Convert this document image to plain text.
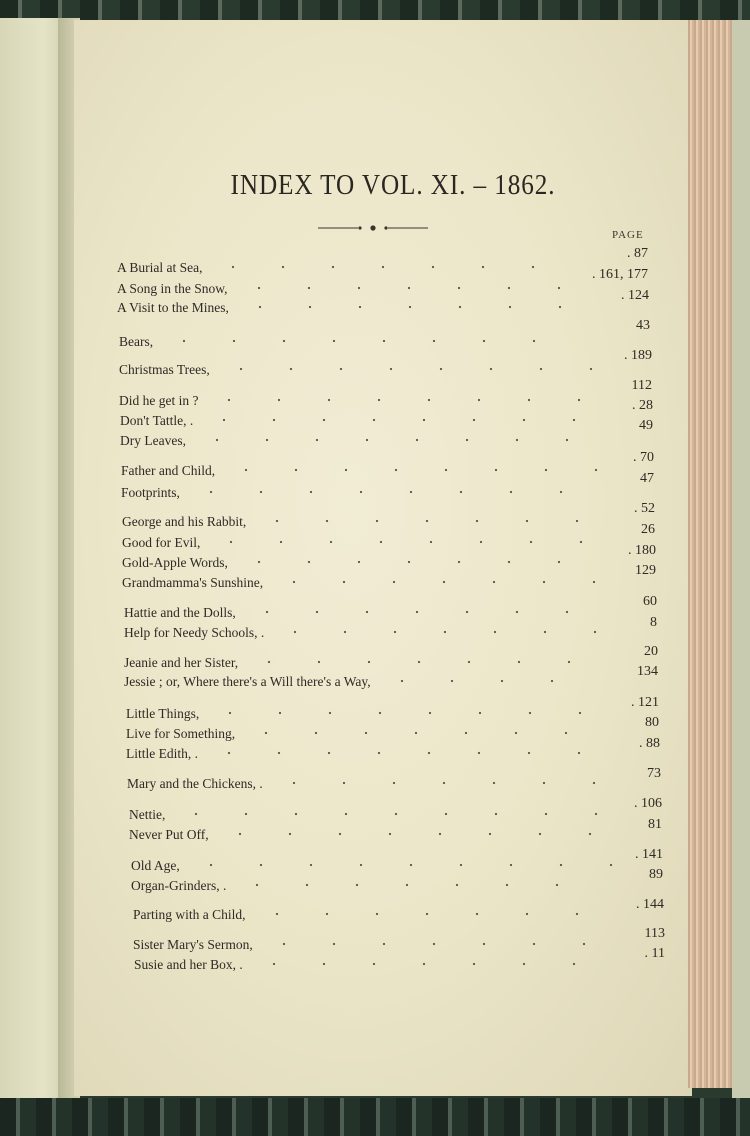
INDEX TO VOL. XI. – 1862.
PAGE
A Burial at Sea,
A Song in the Snow,
A Visit to the Mines,
Bears,
Christmas Trees,
Did he get in ?
Don't Tattle, .
Dry Leaves,
Father and Child,
Footprints,
George and his Rabbit,
Good for Evil,
Gold-Apple Words,
Grandmamma's Sunshine,
Hattie and the Dolls,
Help for Needy Schools, .
Jeanie and her Sister,
Jessie ; or, Where there's a Will there's a Way,
Little Things,
Live for Something,
Little Edith, .
Mary and the Chickens, .
Nettie,
Never Put Off,
Old Age,
Organ-Grinders, .
Parting with a Child,
Sister Mary's Sermon,
Susie and her Box, .
. 87
. 161, 177
. 124
43
. 189
112
. 28
49
. 70
47
. 52
26
. 180
129
60
8
20
134
. 121
80
. 88
73
. 106
81
. 141
89
. 144
113
. 11
